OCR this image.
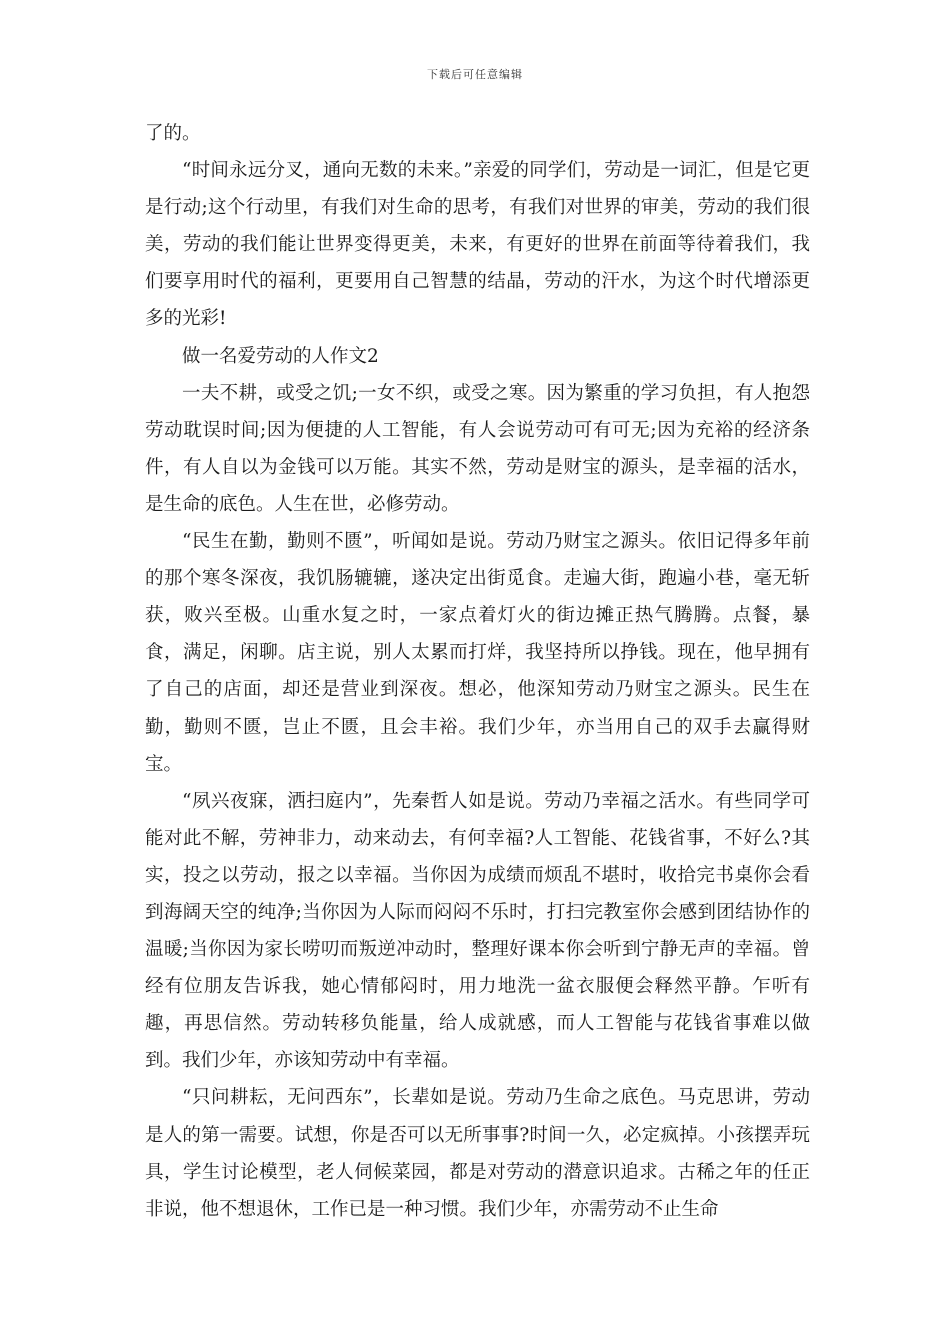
下载后可任意编辑

了的。

“时间永远分叉，通向无数的未来。”亲爱的同学们，劳动是一词汇，但是它更是行动;这个行动里，有我们对生命的思考，有我们对世界的审美，劳动的我们很美，劳动的我们能让世界变得更美，未来，有更好的世界在前面等待着我们，我们要享用时代的福利，更要用自己智慧的结晶，劳动的汗水，为这个时代增添更多的光彩!

做一名爱劳动的人作文2

一夫不耕，或受之饥;一女不织，或受之寒。因为繁重的学习负担，有人抱怨劳动耽误时间;因为便捷的人工智能，有人会说劳动可有可无;因为充裕的经济条件，有人自以为金钱可以万能。其实不然，劳动是财宝的源头，是幸福的活水，是生命的底色。人生在世，必修劳动。

“民生在勤，勤则不匮”，听闻如是说。劳动乃财宝之源头。依旧记得多年前的那个寒冬深夜，我饥肠辘辘，遂决定出街觅食。走遍大街，跑遍小巷，毫无斩获，败兴至极。山重水复之时，一家点着灯火的街边摊正热气腾腾。点餐，暴食，满足，闲聊。店主说，别人太累而打烊，我坚持所以挣钱。现在，他早拥有了自己的店面，却还是营业到深夜。想必，他深知劳动乃财宝之源头。民生在勤，勤则不匮，岂止不匮，且会丰裕。我们少年，亦当用自己的双手去赢得财宝。

“夙兴夜寐，洒扫庭内”，先秦哲人如是说。劳动乃幸福之活水。有些同学可能对此不解，劳神非力，动来动去，有何幸福?人工智能、花钱省事，不好么?其实，投之以劳动，报之以幸福。当你因为成绩而烦乱不堪时，收拾完书桌你会看到海阔天空的纯净;当你因为人际而闷闷不乐时，打扫完教室你会感到团结协作的温暖;当你因为家长唠叨而叛逆冲动时，整理好课本你会听到宁静无声的幸福。曾经有位朋友告诉我，她心情郁闷时，用力地洗一盆衣服便会释然平静。乍听有趣，再思信然。劳动转移负能量，给人成就感，而人工智能与花钱省事难以做到。我们少年，亦该知劳动中有幸福。

“只问耕耘，无问西东”，长辈如是说。劳动乃生命之底色。马克思讲，劳动是人的第一需要。试想，你是否可以无所事事?时间一久，必定疯掉。小孩摆弄玩具，学生讨论模型，老人伺候菜园，都是对劳动的潜意识追求。古稀之年的任正非说，他不想退休，工作已是一种习惯。我们少年，亦需劳动不止生命
